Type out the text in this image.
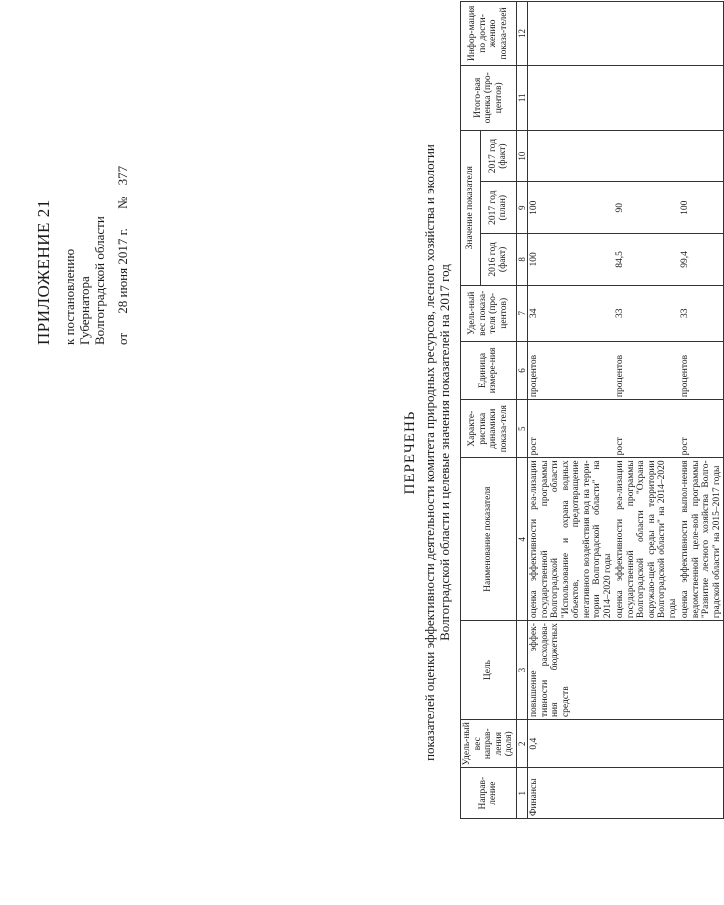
ПРИЛОЖЕНИЕ 21 к постановлению Губернатора Волгоградской области от 28 июня 2017 г. № 377
ПЕРЕЧЕНЬ показателей оценки эффективности деятельности комитета природных ресурсов, лесного хозяйства и экологии Волгоградской области и целевые значения показателей на 2017 год
Направ-ление	Удель-ный вес направ-ления (доля)	Цель	Наименование показателя	Характе-ристика динамики показа-теля	Единица измере-ния	Удель-ный вес показа-теля (про-центов)	Значение показателя			Итого-вая оценка (про-центов)	Инфор-мация по дости-жению показа-телей
							2016 год (факт)	2017 год (план)	2017 год (факт)		
1	2	3	4	5	6	7	8	9	10	11	12
Финансы	0,4	повышение эффек-тивности расходова-ния бюджетных средств	оценка эффективности реа-лизации государственной программы Волгоградской области "Использование и охрана водных объектов, предотвращение негативного воздействия вод на терри-тории Волгоградской области" на 2014–2020 годы	рост	процентов	34	100	100			
			оценка эффективности реа-лизации государственной программы Волгоградской области "Охрана окружаю-щей среды на территории Волгоградской области" на 2014–2020 годы	рост	процентов	33	84,5	90			
			оценка эффективности выпол-нения ведомственной целе-вой программы "Развитие лесного хозяйства Волго-градской области" на 2015–2017 годы	рост	процентов	33	99,4	100			
